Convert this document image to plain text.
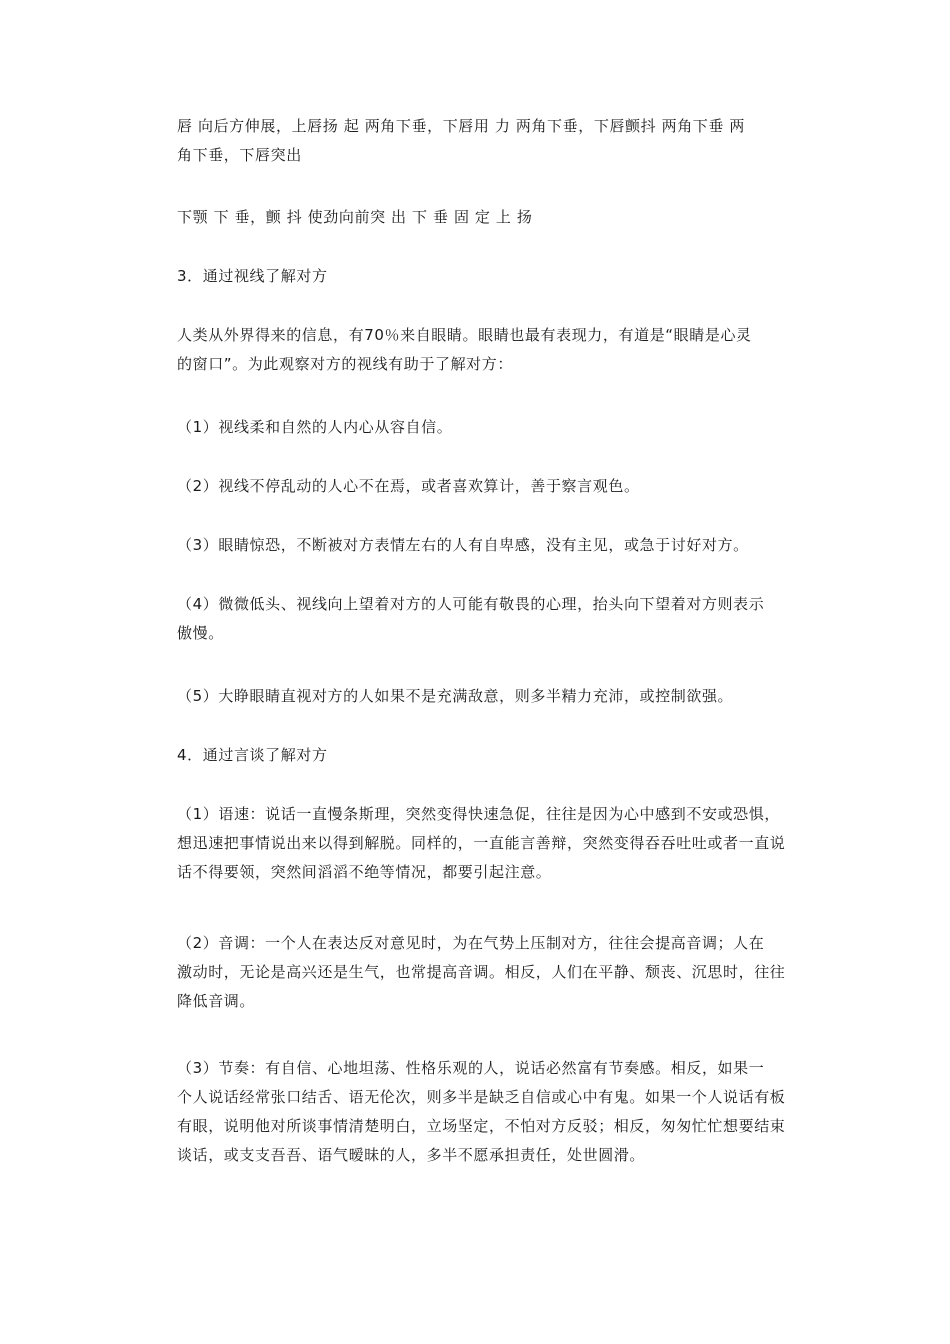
唇 向后方伸展，上唇扬 起 两角下垂，下唇用 力 两角下垂，下唇颤抖 两角下垂 两
角下垂，下唇突出
下颚 下 垂，颤 抖 使劲向前突 出 下 垂 固 定 上 扬
3．通过视线了解对方
人类从外界得来的信息，有70％来自眼睛。眼睛也最有表现力，有道是“眼睛是心灵
的窗口”。为此观察对方的视线有助于了解对方：
（1）视线柔和自然的人内心从容自信。
（2）视线不停乱动的人心不在焉，或者喜欢算计，善于察言观色。
（3）眼睛惊恐，不断被对方表情左右的人有自卑感，没有主见，或急于讨好对方。
（4）微微低头、视线向上望着对方的人可能有敬畏的心理，抬头向下望着对方则表示
傲慢。
（5）大睁眼睛直视对方的人如果不是充满敌意，则多半精力充沛，或控制欲强。
4．通过言谈了解对方
（1）语速：说话一直慢条斯理，突然变得快速急促，往往是因为心中感到不安或恐惧，
想迅速把事情说出来以得到解脱。同样的，一直能言善辩，突然变得吞吞吐吐或者一直说
话不得要领，突然间滔滔不绝等情况，都要引起注意。
（2）音调：一个人在表达反对意见时，为在气势上压制对方，往往会提高音调；人在
激动时，无论是高兴还是生气，也常提高音调。相反，人们在平静、颓丧、沉思时，往往
降低音调。
（3）节奏：有自信、心地坦荡、性格乐观的人，说话必然富有节奏感。相反，如果一
个人说话经常张口结舌、语无伦次，则多半是缺乏自信或心中有鬼。如果一个人说话有板
有眼，说明他对所谈事情清楚明白，立场坚定，不怕对方反驳；相反，匆匆忙忙想要结束
谈话，或支支吾吾、语气暧昧的人，多半不愿承担责任，处世圆滑。
